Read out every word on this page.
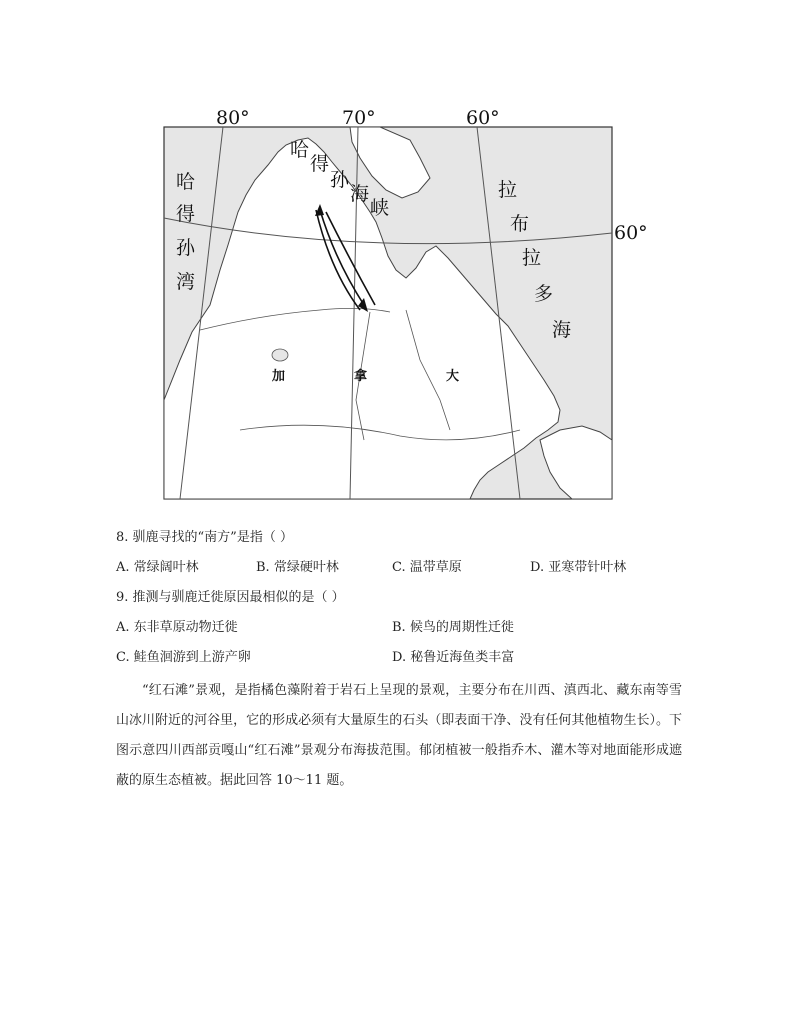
80°	70°	60°
60°
哈
得
孙
湾
哈
得
孙
海
峡
拉
布
拉
多
海
加	拿	大
8. 驯鹿寻找的“南方”是指（ ）
A. 常绿阔叶林	B. 常绿硬叶林	C. 温带草原	D. 亚寒带针叶林
9. 推测与驯鹿迁徙原因最相似的是（ ）
A. 东非草原动物迁徙	B. 候鸟的周期性迁徙
C. 鲑鱼洄游到上游产卵	D. 秘鲁近海鱼类丰富
“红石滩”景观，是指橘色藻附着于岩石上呈现的景观，主要分布在川西、滇西北、藏东南等雪山冰川附近的河谷里，它的形成必须有大量原生的石头（即表面干净、没有任何其他植物生长）。下图示意四川西部贡嘎山“红石滩”景观分布海拔范围。郁闭植被一般指乔木、灌木等对地面能形成遮蔽的原生态植被。据此回答 10～11 题。
